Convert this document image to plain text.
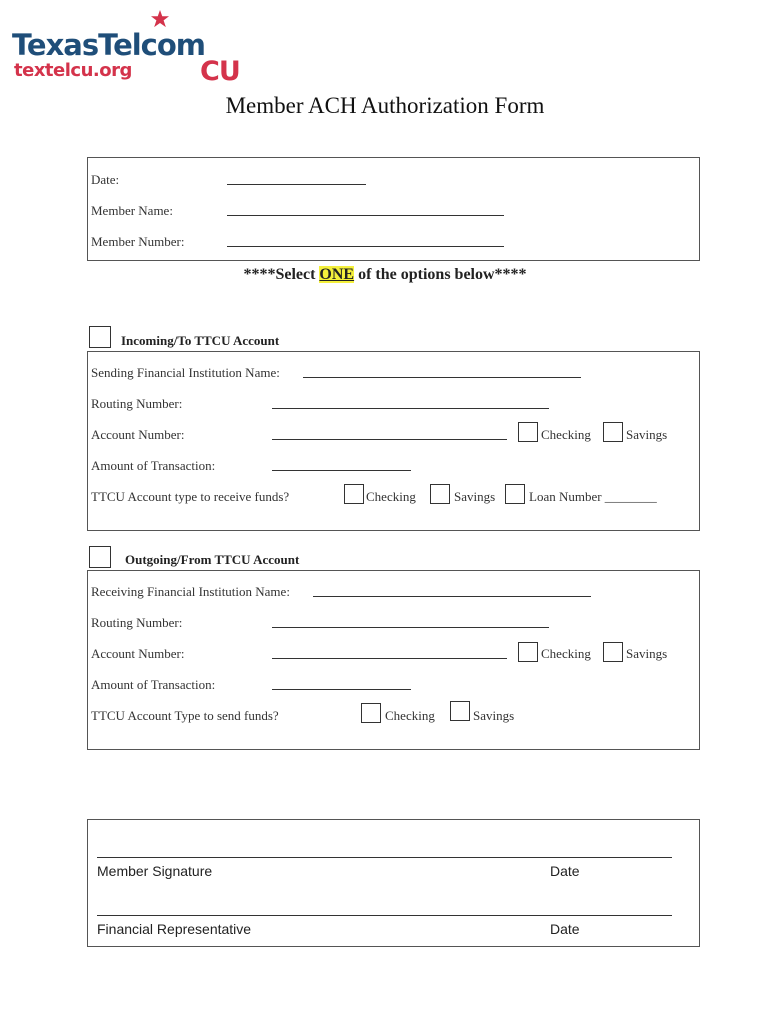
TexasTelcom
textelcu.org	CU
Member ACH Authorization Form
Date:
Member Name:
Member Number:
****Select ONE of the options below****
Incoming/To TTCU Account
Sending Financial Institution Name:
Routing Number:
Account Number:	Checking	Savings
Amount of Transaction:
TTCU Account type to receive funds?	Checking	Savings	Loan Number ________
Outgoing/From TTCU Account
Receiving Financial Institution Name:
Routing Number:
Account Number:	Checking	Savings
Amount of Transaction:
TTCU Account Type to send funds?	Checking	Savings
Member Signature	Date
Financial Representative	Date
